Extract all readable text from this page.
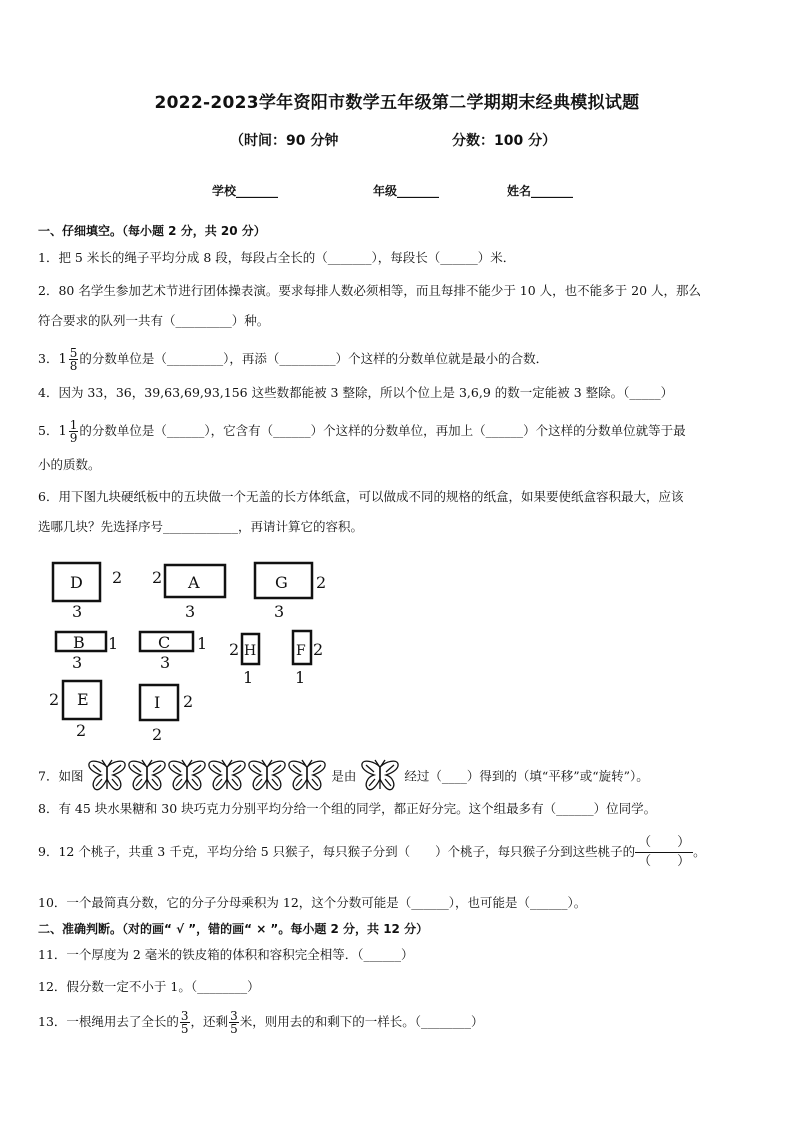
2022-2023学年资阳市数学五年级第二学期期末经典模拟试题
（时间：90 分钟	分数：100 分）
学校_______	年级_______	姓名_______
一、仔细填空。（每小题 2 分，共 20 分）
1．把 5 米长的绳子平均分成 8 段，每段占全长的（_______），每段长（______）米．
2．80 名学生参加艺术节进行团体操表演。要求每排人数必须相等，而且每排不能少于 10 人，也不能多于 20 人，那么
符合要求的队列一共有（_________）种。
3． $1 \frac{5}{8}$ 的分数单位是（_________），再添（_________）个这样的分数单位就是最小的合数．
4．因为 33，36，39,63,69,93,156 这些数都能被 3 整除，所以个位上是 3,6,9 的数一定能被 3 整除。（_____）
5． $1 \frac{1}{9}$ 的分数单位是（______），它含有（______）个这样的分数单位，再加上（______）个这样的分数单位就等于最
小的质数。
6．用下图九块硬纸板中的五块做一个无盖的长方体纸盒，可以做成不同的规格的纸盒，如果要使纸盒容积最大，应该
选哪几块？先选择序号____________，再请计算它的容积。
D 2
3
A
2
3
G 2
3
B 1
3
C 1
3
H
2
1
F 2
1
E
2
2
I 2
2
7．如图	是由	经过（____）得到的（填“平移”或“旋转”）。
8．有 45 块水果糖和 30 块巧克力分别平均分给一个组的同学，都正好分完。这个组最多有（______）位同学。
9．12 个桃子，共重 3 千克，平均分给 5 只猴子，每只猴子分到（　　）个桃子，每只猴子分到这些桃子的
（　　）
（　　）
。
10．一个最简真分数，它的分子分母乘积为 12，这个分数可能是（______），也可能是（______）。
二、准确判断。（对的画“ √ ”，错的画“ × ”。每小题 2 分，共 12 分）
11．一个厚度为 2 毫米的铁皮箱的体积和容积完全相等．（______）
12．假分数一定不小于 1。（________）
13．一根绳用去了全长的 $\frac{3}{5}$ ，还剩 $\frac{3}{5}$ 米，则用去的和剩下的一样长。（________）
